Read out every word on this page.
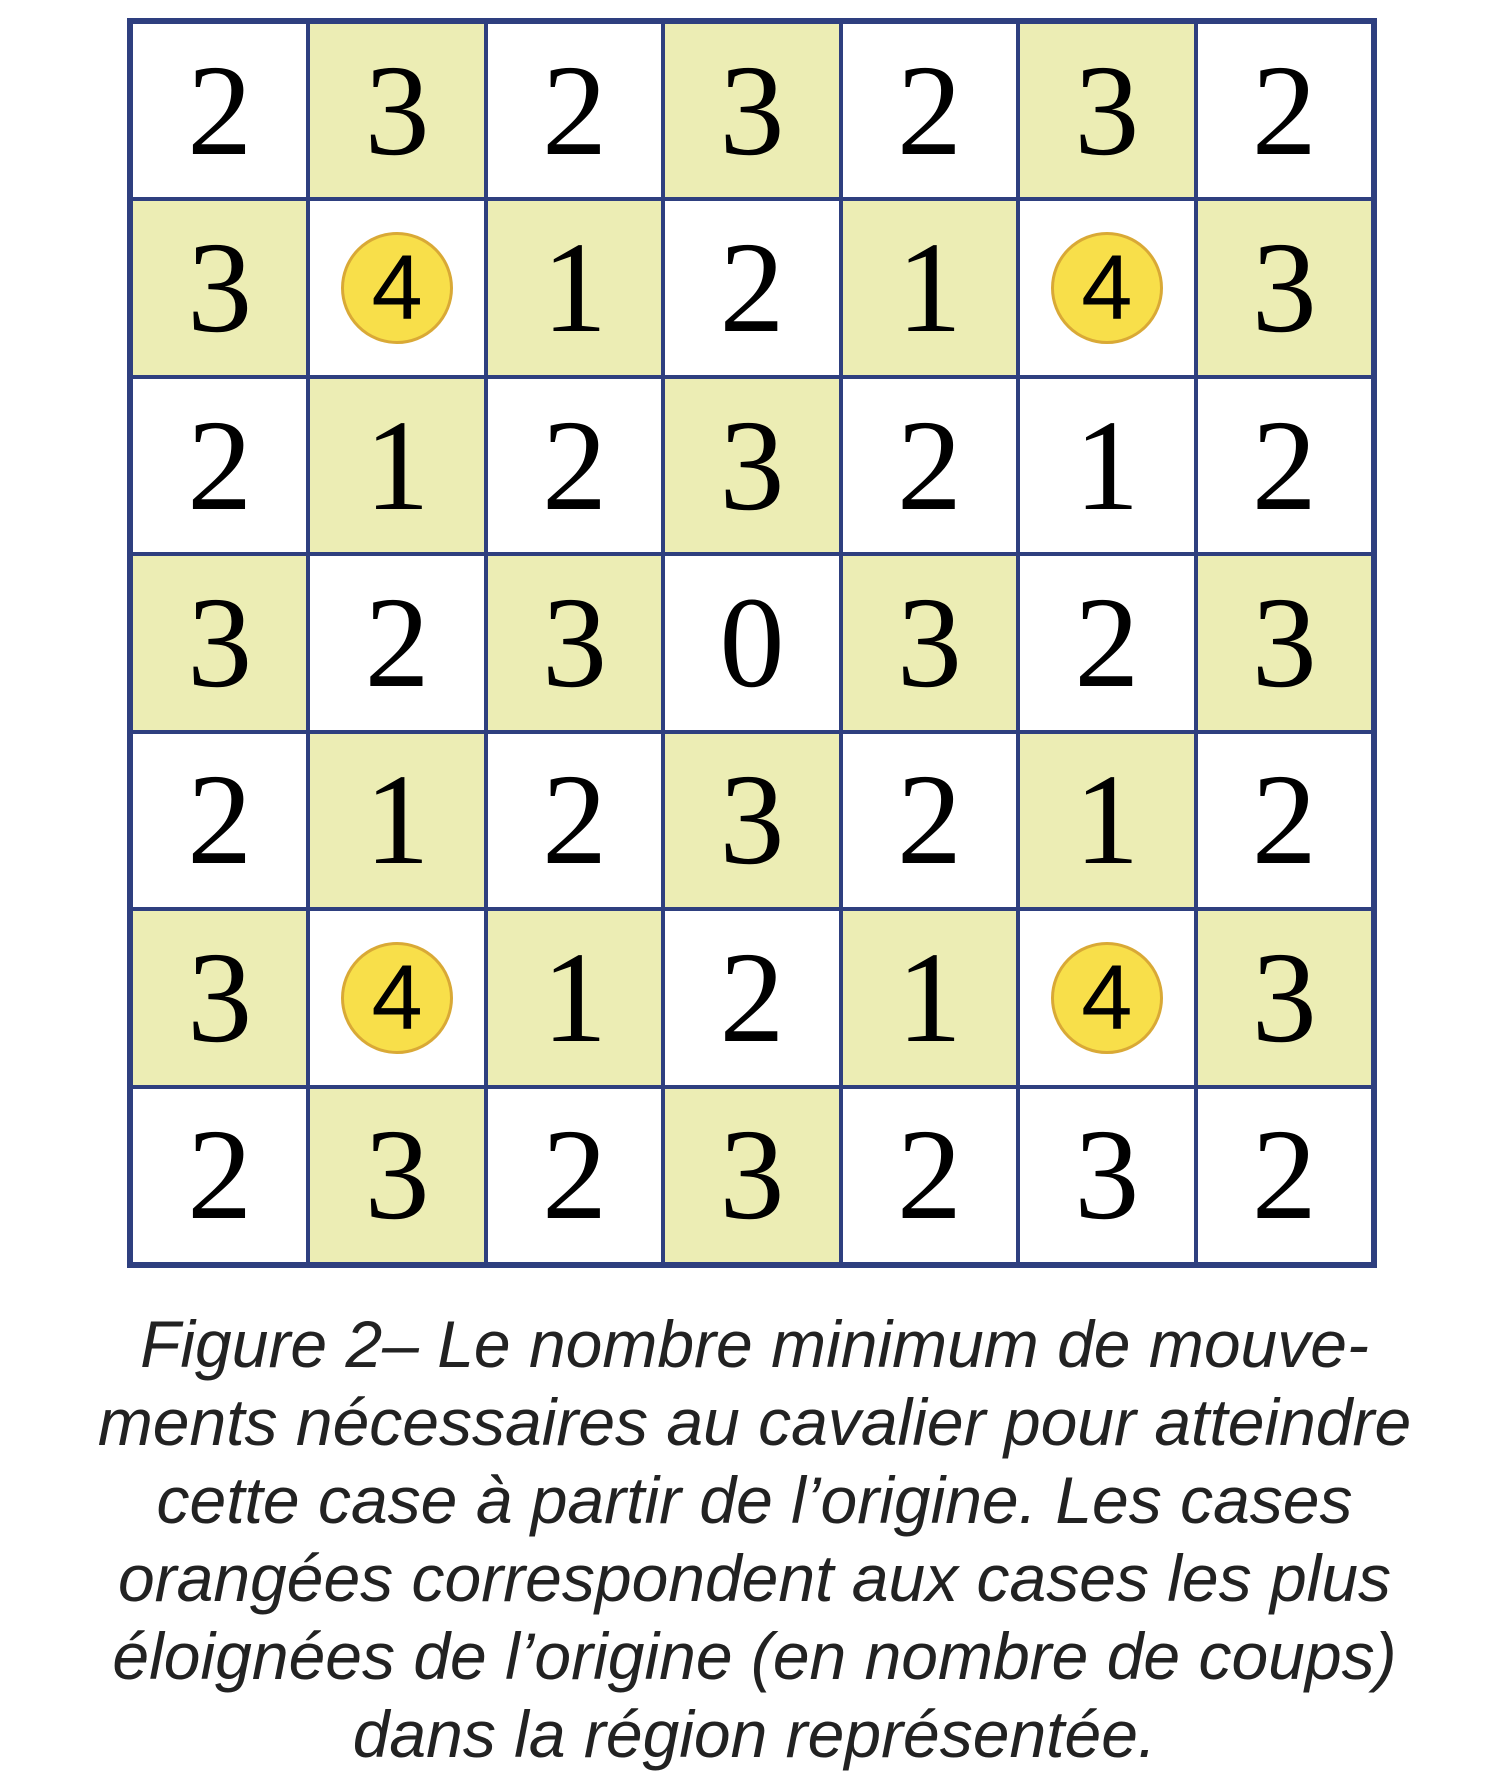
2 3 2 3 2 3 2
3 4 1 2 1 4 3
2 1 2 3 2 1 2
3 2 3 0 3 2 3
2 1 2 3 2 1 2
3 4 1 2 1 4 3
2 3 2 3 2 3 2
Figure 2– Le nombre minimum de mouve-
ments nécessaires au cavalier pour atteindre
cette case à partir de l’origine. Les cases
orangées correspondent aux cases les plus
éloignées de l’origine (en nombre de coups)
dans la région représentée.
